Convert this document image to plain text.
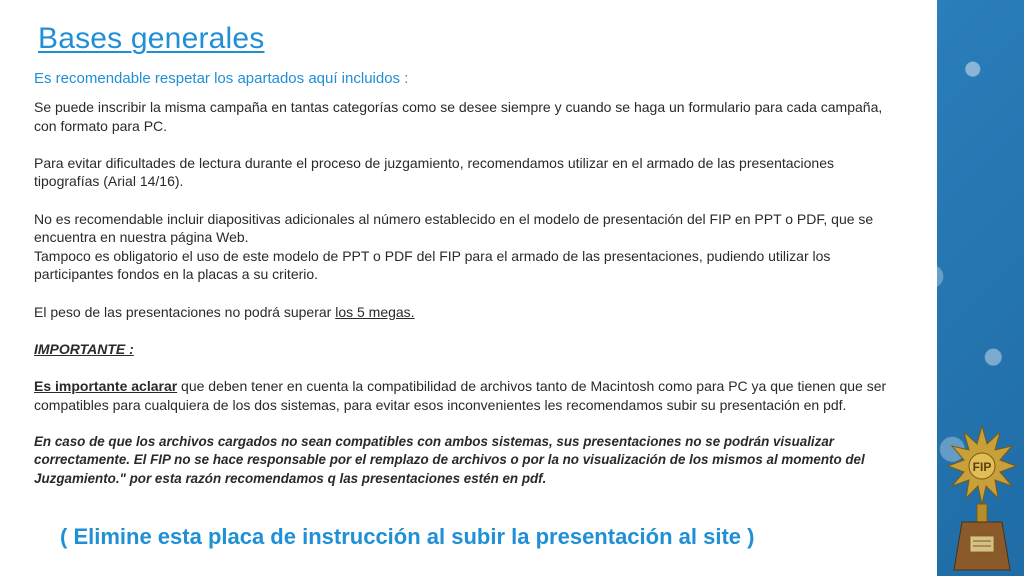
Bases generales

Es recomendable respetar los apartados aquí incluidos :

Se puede inscribir la misma campaña en tantas categorías como se desee siempre y cuando se haga un formulario para cada campaña, con formato para PC.

Para evitar dificultades de lectura durante el proceso de juzgamiento, recomendamos utilizar en el armado de las presentaciones tipografías (Arial 14/16).

No es recomendable incluir diapositivas adicionales al número establecido en el modelo de presentación del FIP en PPT o PDF, que se encuentra en nuestra página Web.

Tampoco es obligatorio el uso de este modelo de PPT o PDF del FIP para el armado de las presentaciones, pudiendo utilizar los participantes fondos en la placas a su criterio.

El peso de las presentaciones no podrá superar los 5 megas.

IMPORTANTE :

Es importante aclarar que deben tener en cuenta la compatibilidad de archivos tanto de Macintosh como para PC ya que tienen que ser compatibles para cualquiera de los dos sistemas, para evitar esos inconvenientes les recomendamos subir su presentación en pdf.

En caso de que los archivos cargados no sean compatibles con ambos sistemas, sus presentaciones no se podrán visualizar correctamente. El FIP no se hace responsable por el remplazo de archivos o por la no visualización de los mismos al momento del Juzgamiento." por esta razón recomendamos q las presentaciones estén en pdf.

( Elimine esta placa de instrucción al subir la presentación al site )

FIP
